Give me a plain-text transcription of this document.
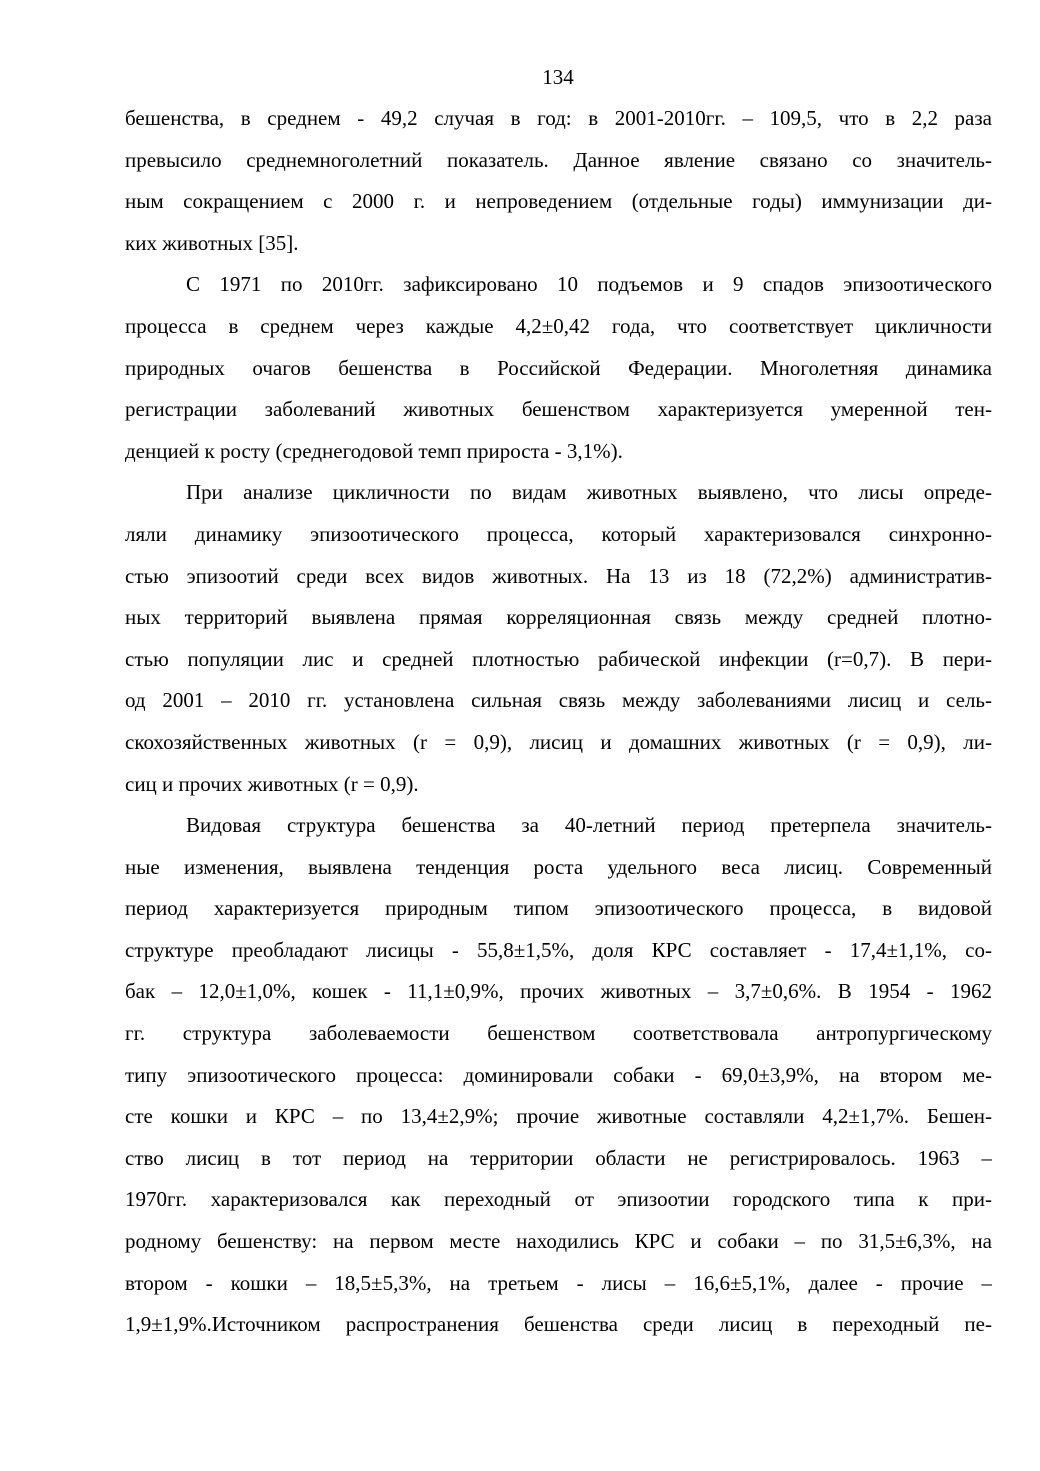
134
бешенства, в среднем - 49,2 случая в год: в 2001-2010гг. – 109,5, что в 2,2 раза
превысило среднемноголетний показатель. Данное явление связано со значитель-
ным сокращением с 2000 г. и непроведением (отдельные годы) иммунизации ди-
ких животных [35].
С 1971 по 2010гг. зафиксировано 10 подъемов и 9 спадов эпизоотического
процесса в среднем через каждые 4,2±0,42 года, что соответствует цикличности
природных очагов бешенства в Российской Федерации. Многолетняя динамика
регистрации заболеваний животных бешенством характеризуется умеренной тен-
денцией к росту (среднегодовой темп прироста - 3,1%).
При анализе цикличности по видам животных выявлено, что лисы опреде-
ляли динамику эпизоотического процесса, который характеризовался синхронно-
стью эпизоотий среди всех видов животных. На 13 из 18 (72,2%) административ-
ных территорий выявлена прямая корреляционная связь между средней плотно-
стью популяции лис и средней плотностью рабической инфекции (r=0,7). В пери-
од 2001 – 2010 гг. установлена сильная связь между заболеваниями лисиц и сель-
скохозяйственных животных (r = 0,9), лисиц и домашних животных (r = 0,9), ли-
сиц и прочих животных (r = 0,9).
Видовая структура бешенства за 40-летний период претерпела значитель-
ные изменения, выявлена тенденция роста удельного веса лисиц. Современный
период характеризуется природным типом эпизоотического процесса, в видовой
структуре преобладают лисицы - 55,8±1,5%, доля КРС составляет - 17,4±1,1%, со-
бак – 12,0±1,0%, кошек - 11,1±0,9%, прочих животных – 3,7±0,6%. В 1954 - 1962
гг. структура заболеваемости бешенством соответствовала антропургическому
типу эпизоотического процесса: доминировали собаки - 69,0±3,9%, на втором ме-
сте кошки и КРС – по 13,4±2,9%; прочие животные составляли 4,2±1,7%. Бешен-
ство лисиц в тот период на территории области не регистрировалось. 1963 –
1970гг. характеризовался как переходный от эпизоотии городского типа к при-
родному бешенству: на первом месте находились КРС и собаки – по 31,5±6,3%, на
втором - кошки – 18,5±5,3%, на третьем - лисы – 16,6±5,1%, далее - прочие –
1,9±1,9%.Источником распространения бешенства среди лисиц в переходный пе-
